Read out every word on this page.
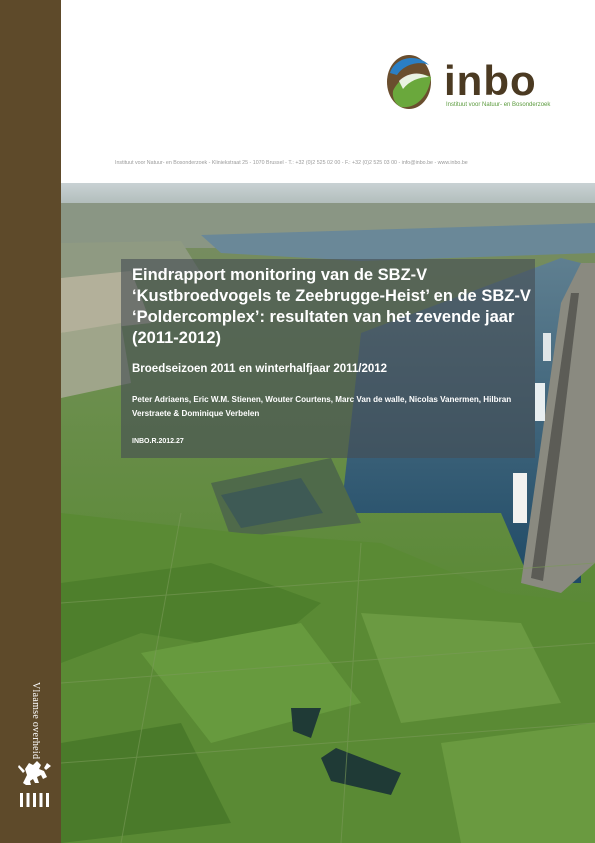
Vlaamse overheid
inbo
Instituut voor Natuur- en Bosonderzoek
Instituut voor Natuur- en Bosonderzoek - Kliniekstraat 25 - 1070 Brussel - T.: +32 (0)2 525 02 00 - F.: +32 (0)2 525 03 00 - info@inbo.be - www.inbo.be
Eindrapport monitoring van de SBZ-V ‘Kustbroedvogels te Zeebrugge-Heist’ en de SBZ-V ‘Poldercomplex’: resultaten van het zevende jaar (2011-2012)
Broedseizoen 2011 en winterhalfjaar 2011/2012
Peter Adriaens, Eric W.M. Stienen, Wouter Courtens, Marc Van de walle, Nicolas Vanermen, Hilbran Verstraete & Dominique Verbelen
INBO.R.2012.27
